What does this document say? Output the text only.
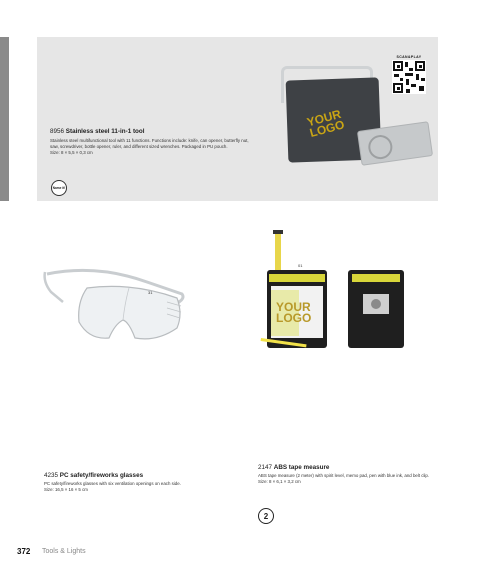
YOUR LOGO
SCAN&PLAY
8956 Stainless steel 11-in-1 tool
Stainless steel multifunctional tool with 11 functions. Functions include: knife, can opener, butterfly nut, saw, screwdriver, bottle opener, ruler, and different sized wrenches. Packaged in PU pouch.
Size: 8 × 5,5 × 0,3 cm
Name it!
31
YOUR LOGO
01
4235 PC safety/fireworks glasses
PC safety/fireworks glasses with six ventilation openings on each side.
Size: 16,5 × 16 × 5 cm
2147 ABS tape measure
ABS tape measure (2 meter) with spirit level, memo pad, pen with blue ink, and belt clip.
Size: 8 × 6,1 × 3,2 cm
2
372 Tools & Lights
